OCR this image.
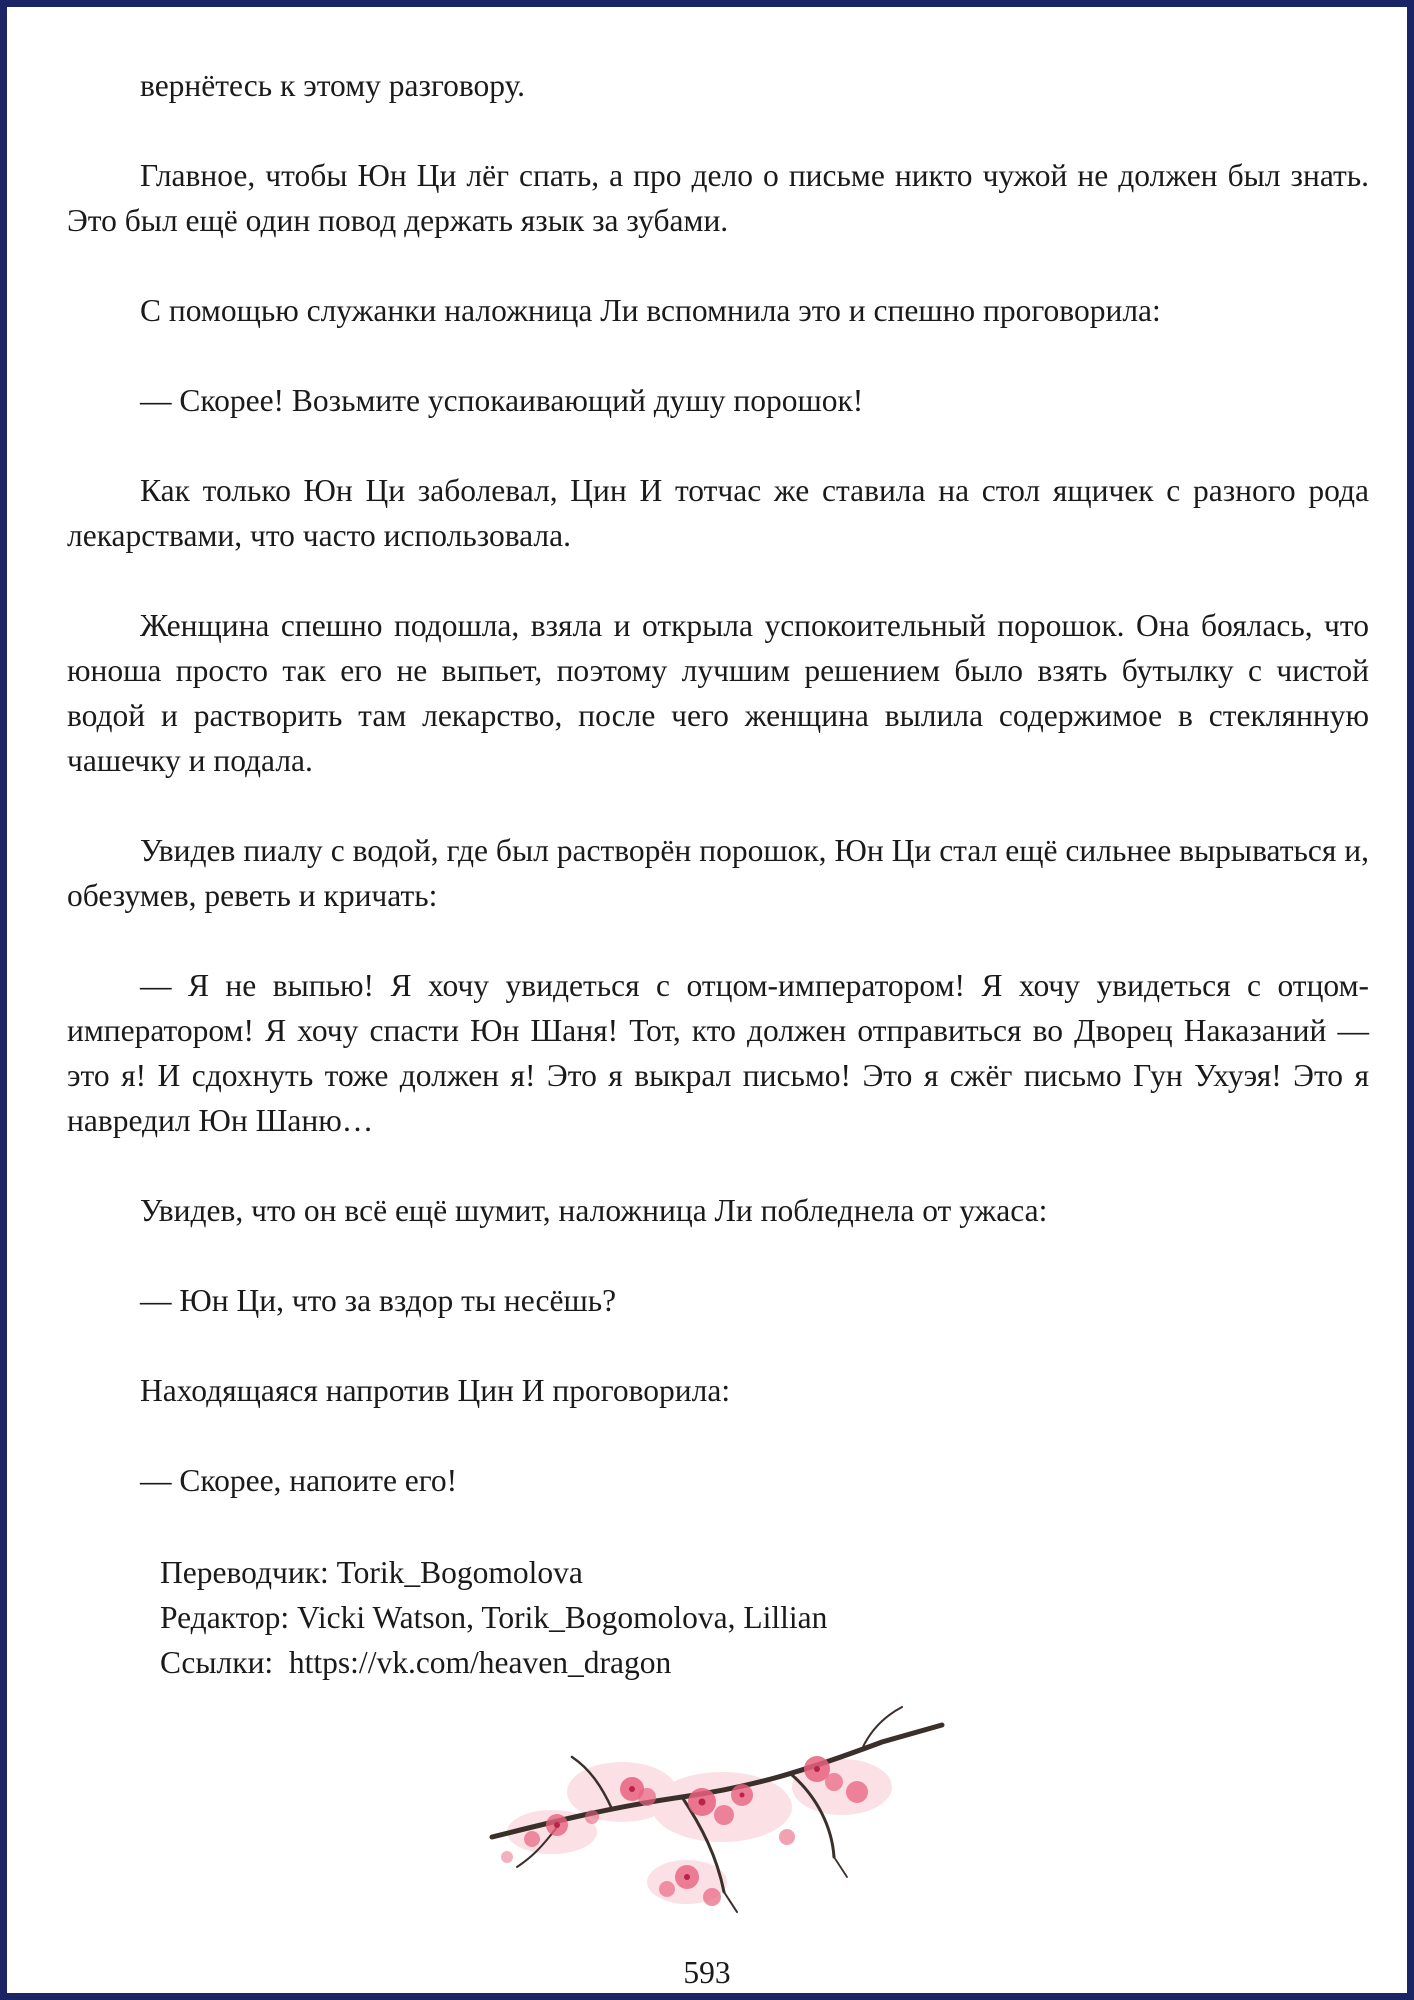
вернётесь к этому разговору.

Главное, чтобы Юн Ци лёг спать, а про дело о письме никто чужой не должен был знать. Это был ещё один повод держать язык за зубами.

С помощью служанки наложница Ли вспомнила это и спешно проговорила:

— Скорее! Возьмите успокаивающий душу порошок!

Как только Юн Ци заболевал, Цин И тотчас же ставила на стол ящичек с разного рода лекарствами, что часто использовала.

Женщина спешно подошла, взяла и открыла успокоительный порошок. Она боялась, что юноша просто так его не выпьет, поэтому лучшим решением было взять бутылку с чистой водой и растворить там лекарство, после чего женщина вылила содержимое в стеклянную чашечку и подала.

Увидев пиалу с водой, где был растворён порошок, Юн Ци стал ещё сильнее вырываться и, обезумев, реветь и кричать:

— Я не выпью! Я хочу увидеться с отцом-императором! Я хочу увидеться с отцом-императором! Я хочу спасти Юн Шаня! Тот, кто должен отправиться во Дворец Наказаний — это я! И сдохнуть тоже должен я! Это я выкрал письмо! Это я сжёг письмо Гун Ухуэя! Это я навредил Юн Шаню…

Увидев, что он всё ещё шумит, наложница Ли побледнела от ужаса:

— Юн Ци, что за вздор ты несёшь?

Находящаяся напротив Цин И проговорила:

— Скорее, напоите его!

Переводчик: Torik_Bogomolova
Редактор: Vicki Watson, Torik_Bogomolova, Lillian
Ссылки:  https://vk.com/heaven_dragon
593
